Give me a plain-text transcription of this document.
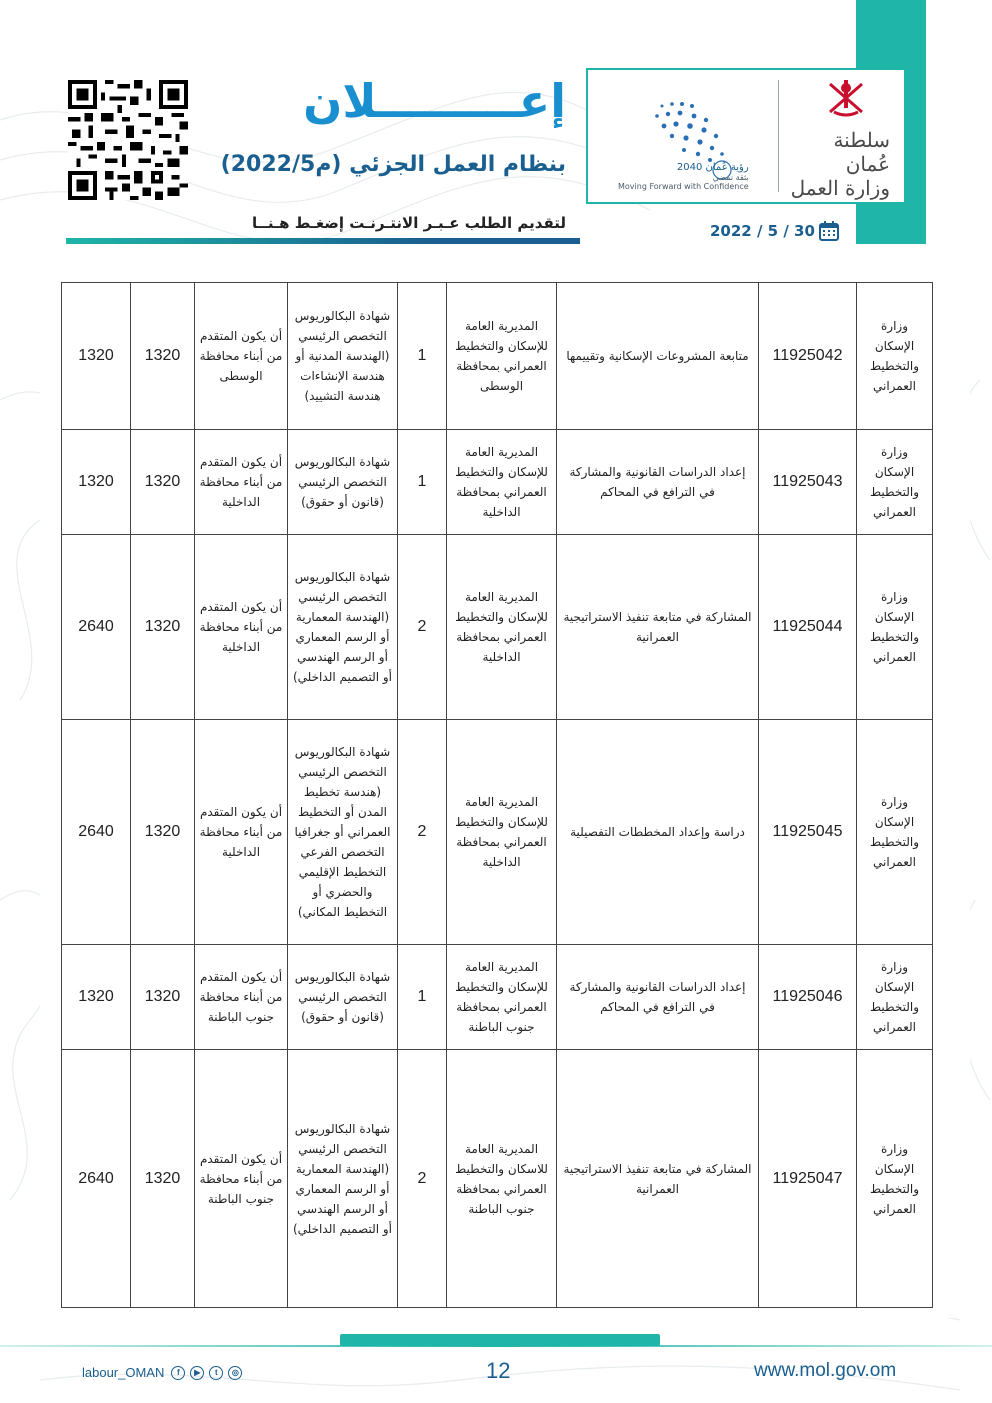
سلطنة عُمان
وزارة العمل
رؤية عُمان 2040
بثقة نمضي
Moving Forward with Confidence
إعـــــــــلان
بنظام العمل الجزئي (م2022/5)
لتقديم الطلب عـبـر الانتـرنـت إضغـط هـنــا	2022 / 5 / 30
وزارة الإسكان والتخطيط العمراني	11925042	متابعة المشروعات الإسكانية وتقييمها	المديرية العامة للإسكان والتخطيط العمراني بمحافظة الوسطى	1	شهادة البكالوريوس التخصص الرئيسي (الهندسة المدنية أو هندسة الإنشاءات هندسة التشييد)	أن يكون المتقدم من أبناء محافظة الوسطى	1320	1320
وزارة الإسكان والتخطيط العمراني	11925043	إعداد الدراسات القانونية والمشاركة في الترافع في المحاكم	المديرية العامة للإسكان والتخطيط العمراني بمحافظة الداخلية	1	شهادة البكالوريوس التخصص الرئيسي (قانون أو حقوق)	أن يكون المتقدم من أبناء محافظة الداخلية	1320	1320
وزارة الإسكان والتخطيط العمراني	11925044	المشاركة في متابعة تنفيذ الاستراتيجية العمرانية	المديرية العامة للإسكان والتخطيط العمراني بمحافظة الداخلية	2	شهادة البكالوريوس التخصص الرئيسي (الهندسة المعمارية أو الرسم المعماري أو الرسم الهندسي أو التصميم الداخلي)	أن يكون المتقدم من أبناء محافظة الداخلية	1320	2640
وزارة الإسكان والتخطيط العمراني	11925045	دراسة وإعداد المخططات التفصيلية	المديرية العامة للإسكان والتخطيط العمراني بمحافظة الداخلية	2	شهادة البكالوريوس التخصص الرئيسي (هندسة تخطيط المدن أو التخطيط العمراني أو جغرافيا التخصص الفرعي التخطيط الإقليمي والحضري أو التخطيط المكاني)	أن يكون المتقدم من أبناء محافظة الداخلية	1320	2640
وزارة الإسكان والتخطيط العمراني	11925046	إعداد الدراسات القانونية والمشاركة في الترافع في المحاكم	المديرية العامة للإسكان والتخطيط العمراني بمحافظة جنوب الباطنة	1	شهادة البكالوريوس التخصص الرئيسي (قانون أو حقوق)	أن يكون المتقدم من أبناء محافظة جنوب الباطنة	1320	1320
وزارة الإسكان والتخطيط العمراني	11925047	المشاركة في متابعة تنفيذ الاستراتيجية العمرانية	المديرية العامة للاسكان والتخطيط العمراني بمحافظة جنوب الباطنة	2	شهادة البكالوريوس التخصص الرئيسي (الهندسة المعمارية أو الرسم المعماري أو الرسم الهندسي أو التصميم الداخلي)	أن يكون المتقدم من أبناء محافظة جنوب الباطنة	1320	2640
12	www.mol.gov.om
labour_OMAN	f	▶	t	◎
